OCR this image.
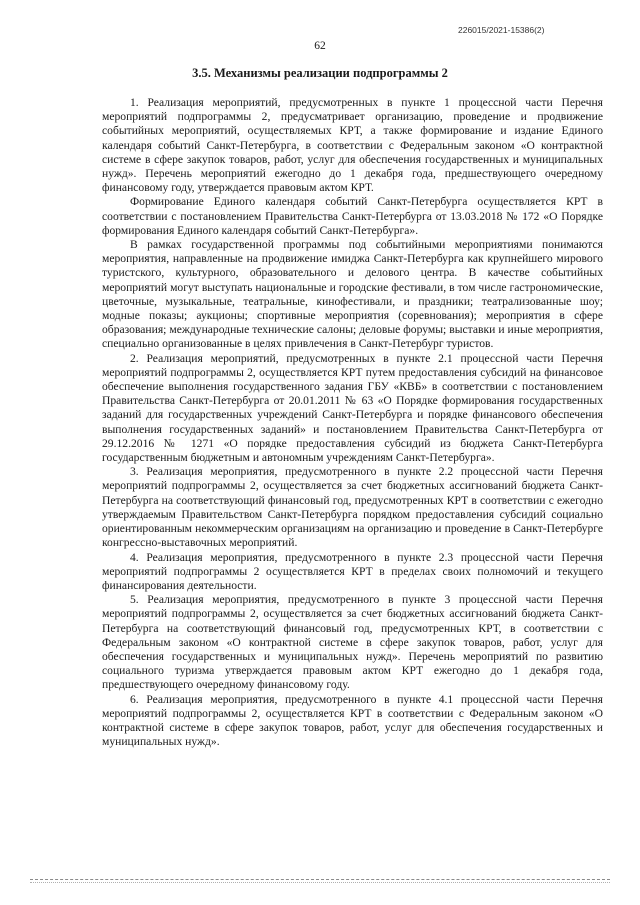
226015/2021-15386(2)
62
3.5. Механизмы реализации подпрограммы 2

1. Реализация мероприятий, предусмотренных в пункте 1 процессной части Перечня мероприятий подпрограммы 2, предусматривает организацию, проведение и продвижение событийных мероприятий, осуществляемых КРТ, а также формирование и издание Единого календаря событий Санкт-Петербурга, в соответствии с Федеральным законом «О контрактной системе в сфере закупок товаров, работ, услуг для обеспечения государственных и муниципальных нужд». Перечень мероприятий ежегодно до 1 декабря года, предшествующего очередному финансовому году, утверждается правовым актом КРТ.

Формирование Единого календаря событий Санкт-Петербурга осуществляется КРТ в соответствии с постановлением Правительства Санкт-Петербурга от 13.03.2018 № 172 «О Порядке формирования Единого календаря событий Санкт-Петербурга».

В рамках государственной программы под событийными мероприятиями понимаются мероприятия, направленные на продвижение имиджа Санкт-Петербурга как крупнейшего мирового туристского, культурного, образовательного и делового центра. В качестве событийных мероприятий могут выступать национальные и городские фестивали, в том числе гастрономические, цветочные, музыкальные, театральные, кинофестивали, и праздники; театрализованные шоу; модные показы; аукционы; спортивные мероприятия (соревнования); мероприятия в сфере образования; международные технические салоны; деловые форумы; выставки и иные мероприятия, специально организованные в целях привлечения в Санкт-Петербург туристов.

2. Реализация мероприятий, предусмотренных в пункте 2.1 процессной части Перечня мероприятий подпрограммы 2, осуществляется КРТ путем предоставления субсидий на финансовое обеспечение выполнения государственного задания ГБУ «КВБ» в соответствии с постановлением Правительства Санкт-Петербурга от 20.01.2011 № 63 «О Порядке формирования государственных заданий для государственных учреждений Санкт-Петербурга и порядке финансового обеспечения выполнения государственных заданий» и постановлением Правительства Санкт-Петербурга от 29.12.2016 № 1271 «О порядке предоставления субсидий из бюджета Санкт-Петербурга государственным бюджетным и автономным учреждениям Санкт-Петербурга».

3. Реализация мероприятия, предусмотренного в пункте 2.2 процессной части Перечня мероприятий подпрограммы 2, осуществляется за счет бюджетных ассигнований бюджета Санкт-Петербурга на соответствующий финансовый год, предусмотренных КРТ в соответствии с ежегодно утверждаемым Правительством Санкт-Петербурга порядком предоставления субсидий социально ориентированным некоммерческим организациям на организацию и проведение в Санкт-Петербурге конгрессно-выставочных мероприятий.

4. Реализация мероприятия, предусмотренного в пункте 2.3 процессной части Перечня мероприятий подпрограммы 2 осуществляется КРТ в пределах своих полномочий и текущего финансирования деятельности.

5. Реализация мероприятия, предусмотренного в пункте 3 процессной части Перечня мероприятий подпрограммы 2, осуществляется за счет бюджетных ассигнований бюджета Санкт-Петербурга на соответствующий финансовый год, предусмотренных КРТ, в соответствии с Федеральным законом «О контрактной системе в сфере закупок товаров, работ, услуг для обеспечения государственных и муниципальных нужд». Перечень мероприятий по развитию социального туризма утверждается правовым актом КРТ ежегодно до 1 декабря года, предшествующего очередному финансовому году.

6. Реализация мероприятия, предусмотренного в пункте 4.1 процессной части Перечня мероприятий подпрограммы 2, осуществляется КРТ в соответствии с Федеральным законом «О контрактной системе в сфере закупок товаров, работ, услуг для обеспечения государственных и муниципальных нужд».
